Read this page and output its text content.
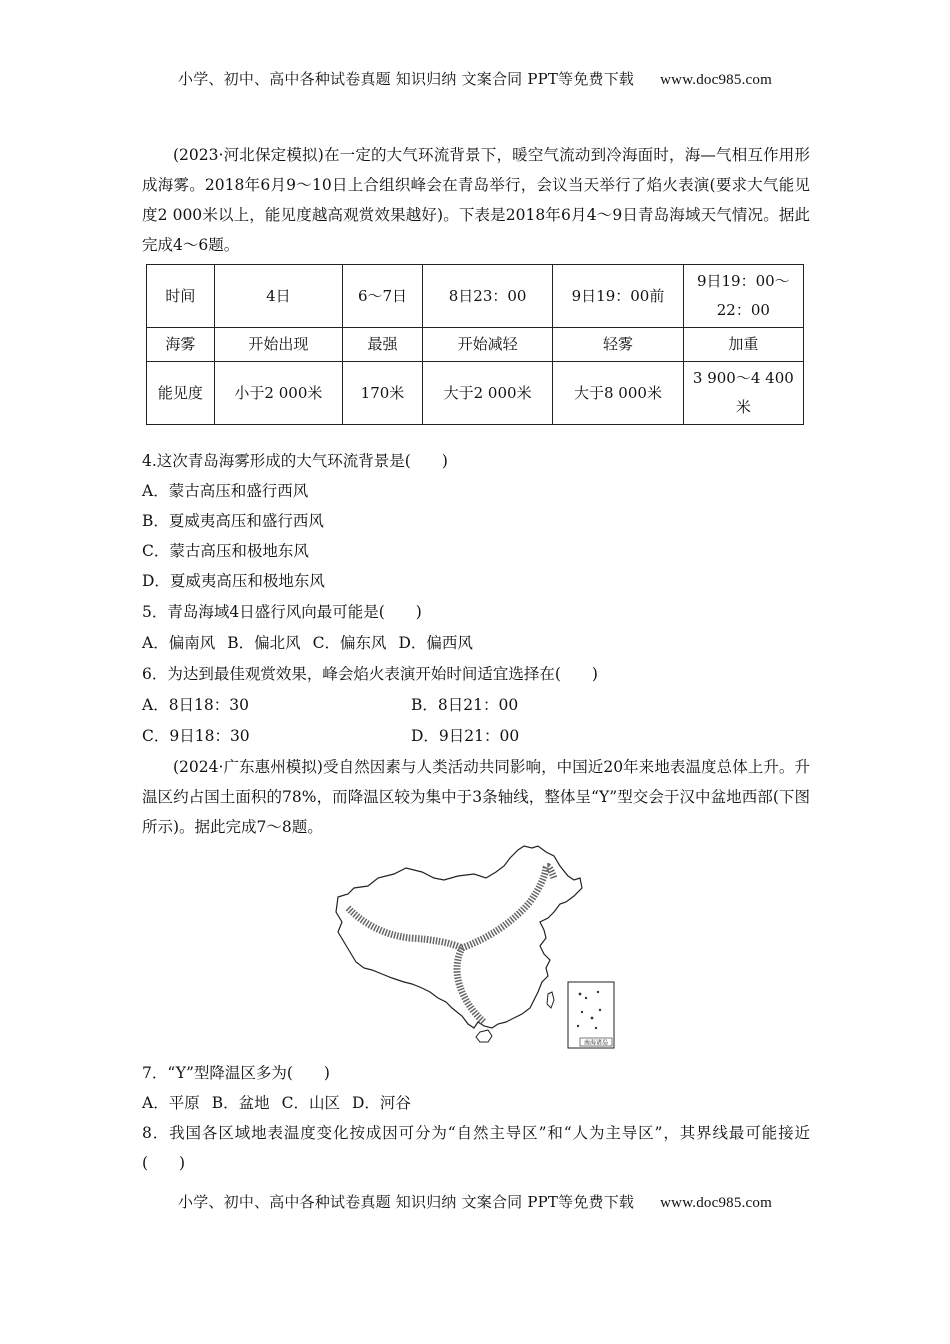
小学、初中、高中各种试卷真题 知识归纳 文案合同 PPT等免费下载 www.doc985.com
(2023·河北保定模拟)在一定的大气环流背景下，暖空气流动到冷海面时，海—气相互作用形成海雾。2018年6月9～10日上合组织峰会在青岛举行，会议当天举行了焰火表演(要求大气能见度2 000米以上，能见度越高观赏效果越好)。下表是2018年6月4～9日青岛海域天气情况。据此完成4～6题。
时间	4日	6～7日	8日23：00	9日19：00前	9日19：00～22：00
海雾	开始出现	最强	开始减轻	轻雾	加重
能见度	小于2 000米	170米	大于2 000米	大于8 000米	3 900～4 400米
4.这次青岛海雾形成的大气环流背景是(　　)
A．蒙古高压和盛行西风
B．夏威夷高压和盛行西风
C．蒙古高压和极地东风
D．夏威夷高压和极地东风
5．青岛海域4日盛行风向最可能是(　　)
A．偏南风 B．偏北风 C．偏东风 D．偏西风
6．为达到最佳观赏效果，峰会焰火表演开始时间适宜选择在(　　)
A．8日18：30	B．8日21：00
C．9日18：30	D．9日21：00
(2024·广东惠州模拟)受自然因素与人类活动共同影响，中国近20年来地表温度总体上升。升温区约占国土面积的78%，而降温区较为集中于3条轴线，整体呈“Y”型交会于汉中盆地西部(下图所示)。据此完成7～8题。
南海诸岛
7．“Y”型降温区多为(　　)
A．平原 B．盆地 C．山区 D．河谷
8．我国各区域地表温度变化按成因可分为“自然主导区”和“人为主导区”，其界线最可能接近(　　)
小学、初中、高中各种试卷真题 知识归纳 文案合同 PPT等免费下载 www.doc985.com
